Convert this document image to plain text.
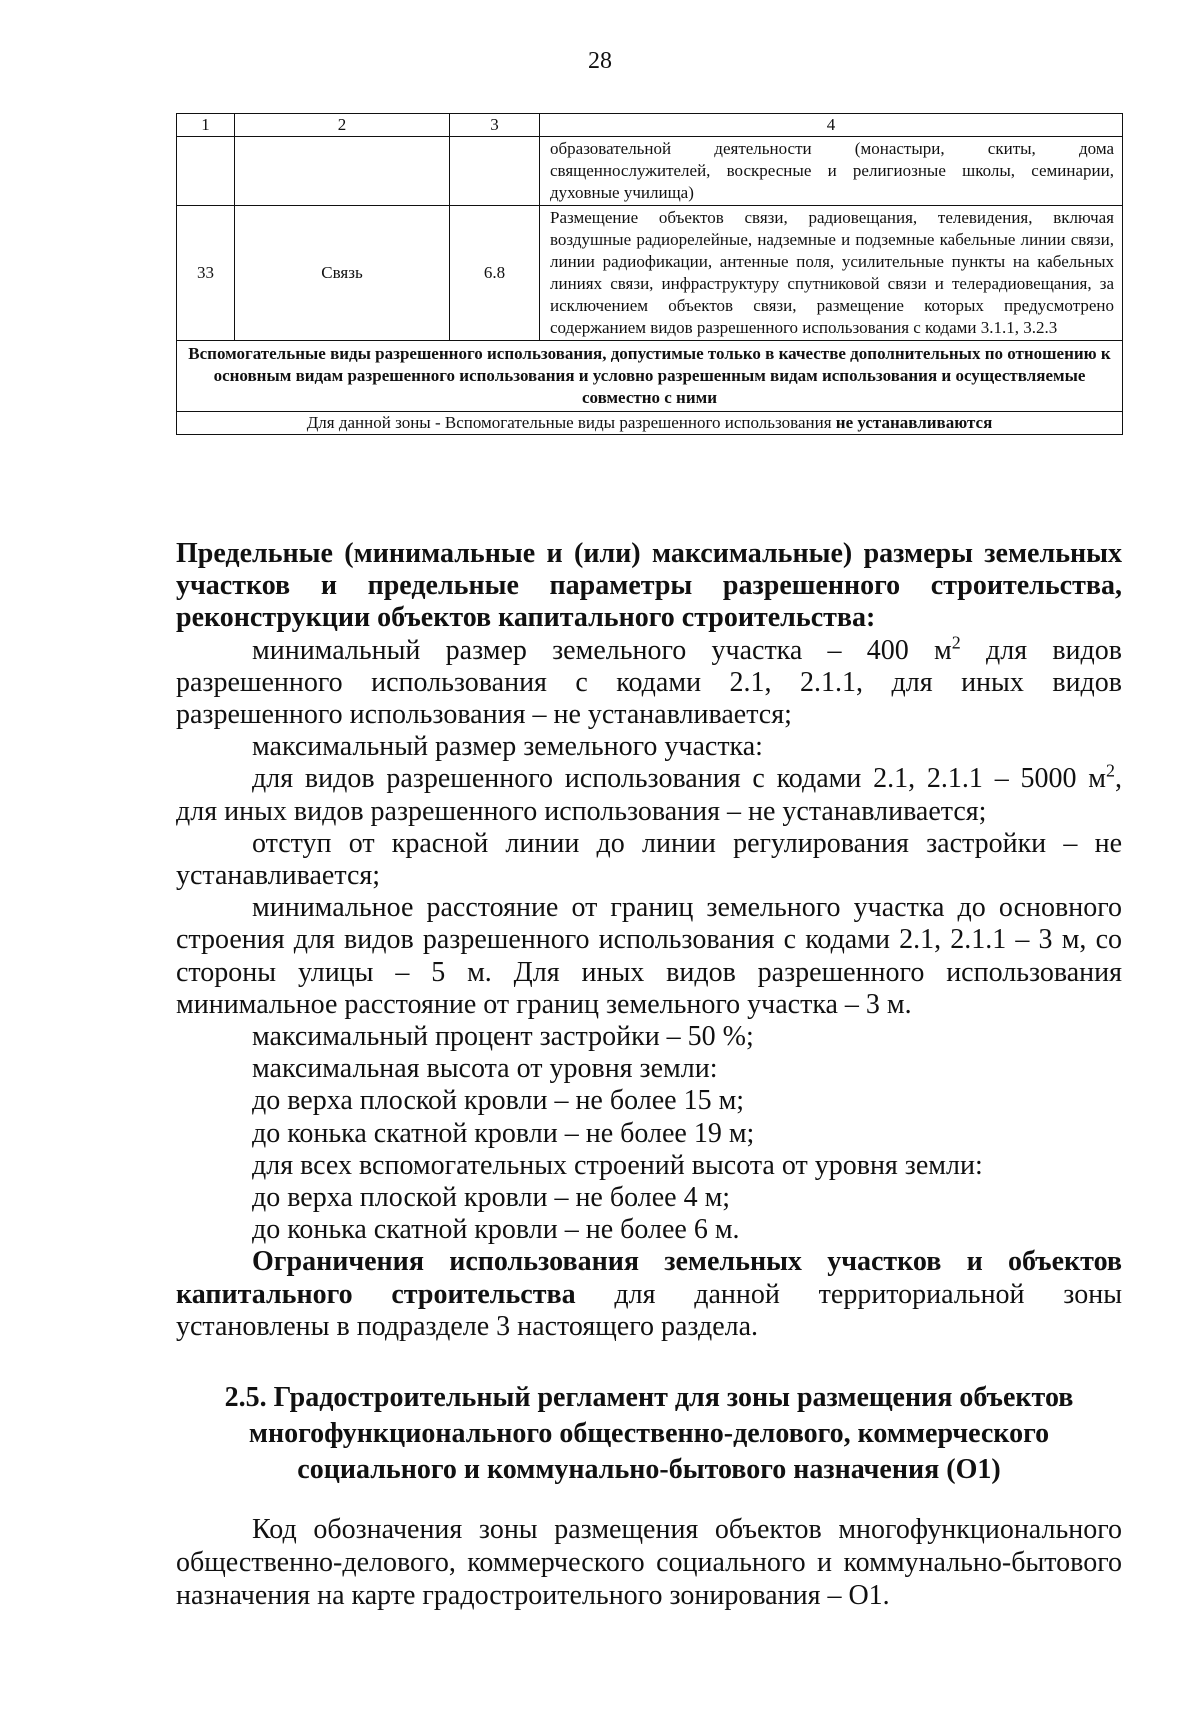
28
1	2	3	4
			образовательной деятельности (монастыри, скиты, дома священнослужителей, воскресные и религиозные школы, семинарии, духовные училища)
33	Связь	6.8	Размещение объектов связи, радиовещания, телевидения, включая воздушные радиорелейные, надземные и подземные кабельные линии связи, линии радиофикации, антенные поля, усилительные пункты на кабельных линиях связи, инфраструктуру спутниковой связи и телерадиовещания, за исключением объектов связи, размещение которых предусмотрено содержанием видов разрешенного использования с кодами 3.1.1, 3.2.3
Вспомогательные виды разрешенного использования, допустимые только в качестве дополнительных по отношению к основным видам разрешенного использования и условно разрешенным видам использования и осуществляемые совместно с ними			
Для данной зоны - Вспомогательные виды разрешенного использования не устанавливаются			

Предельные (минимальные и (или) максимальные) размеры земельных участков и предельные параметры разрешенного строительства, реконструкции объектов капитального строительства:

минимальный размер земельного участка – 400 $м^2$ для видов разрешенного использования с кодами 2.1, 2.1.1, для иных видов разрешенного использования – не устанавливается;

максимальный размер земельного участка:

для видов разрешенного использования с кодами 2.1, 2.1.1 – 5000 $м^2$, для иных видов разрешенного использования – не устанавливается;

отступ от красной линии до линии регулирования застройки – не устанавливается;

минимальное расстояние от границ земельного участка до основного строения для видов разрешенного использования с кодами 2.1, 2.1.1 – 3 м, со стороны улицы – 5 м. Для иных видов разрешенного использования минимальное расстояние от границ земельного участка – 3 м.

максимальный процент застройки – 50 %;

максимальная высота от уровня земли:

до верха плоской кровли – не более 15 м;

до конька скатной кровли – не более 19 м;

для всех вспомогательных строений высота от уровня земли:

до верха плоской кровли – не более 4 м;

до конька скатной кровли – не более 6 м.

Ограничения использования земельных участков и объектов капитального строительства для данной территориальной зоны установлены в подразделе 3 настоящего раздела.

2.5. Градостроительный регламент для зоны размещения объектов

многофункционального общественно-делового, коммерческого

социального и коммунально-бытового назначения (О1)

Код обозначения зоны размещения объектов многофункционального общественно-делового, коммерческого социального и коммунально-бытового назначения на карте градостроительного зонирования – О1.
